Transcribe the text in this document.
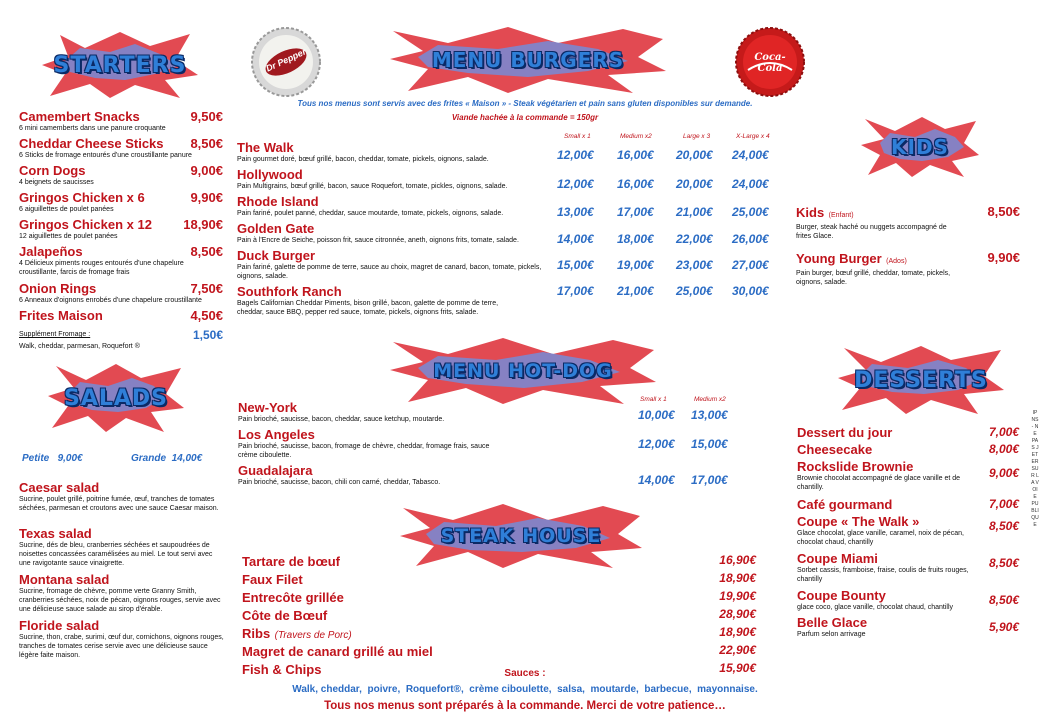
STARTERS	Dr Pepper	MENU BURGERS	Coca-Cola
Tous nos menus sont servis avec des frites « Maison » - Steak végétarien et pain sans gluten disponibles sur demande.
Viande hachée à la commande = 150gr
Camembert Snacks	9,50€
6 mini camemberts dans une panure croquante
Cheddar Cheese Sticks	8,50€
6 Sticks de fromage entourés d'une croustillante panure
Corn Dogs	9,00€
4 beignets de saucisses
Gringos Chicken x 6	9,90€
6 aiguillettes de poulet panées
Gringos Chicken x 12	18,90€
12 aiguillettes de poulet panées
Jalapeños	8,50€
4 Délicieux piments rouges entourés d'une chapelure croustillante, farcis de fromage frais
Onion Rings	7,50€
6 Anneaux d'oignons enrobés d'une chapelure croustillante
Frites Maison	4,50€
Supplément Fromage :	1,50€
Walk, cheddar, parmesan, Roquefort ®
Small x 1	Medium x2	Large x 3	X-Large x 4
The Walk
Pain gourmet doré, bœuf grillé, bacon, cheddar, tomate, pickels, oignons, salade.	12,00€ 16,00€ 20,00€ 24,00€
Hollywood
Pain Multigrains, bœuf grillé, bacon, sauce Roquefort, tomate, pickles, oignons, salade.	12,00€ 16,00€ 20,00€ 24,00€
Rhode Island
Pain fariné, poulet panné, cheddar, sauce moutarde, tomate, pickels, oignons, salade.	13,00€ 17,00€ 21,00€ 25,00€
Golden Gate
Pain à l'Encre de Seiche, poisson frit, sauce citronnée, aneth, oignons frits, tomate, salade.	14,00€ 18,00€ 22,00€ 26,00€
Duck Burger
Pain fariné, galette de pomme de terre, sauce au choix, magret de canard, bacon, tomate, pickels, oignons, salade.
15,00€ 19,00€ 23,00€ 27,00€
Southfork Ranch
Bagels Californian Cheddar Piments, bison grillé, bacon, galette de pomme de terre, cheddar, sauce BBQ, pepper red sauce, tomate, pickels, oignons frits, salade.
17,00€ 21,00€ 25,00€ 30,00€
KIDS
Kids (Enfant)	8,50€
Burger, steak haché ou nuggets accompagné de frites Glace.
Young Burger (Ados)	9,90€
Pain burger, bœuf grillé, cheddar, tomate, pickels, oignons, salade.
SALADS
MENU HOT-DOG	DESSERTS
Petite   9,00€	Grande  14,00€
Caesar salad
Sucrine, poulet grillé, poitrine fumée, œuf, tranches de tomates séchées, parmesan et croutons avec une sauce Caesar maison.
Texas salad
Sucrine, dés de bleu, cranberries séchées et saupoudrées de noisettes concassées caramélisées au miel. Le tout servi avec une ravigotante sauce vinaigrette.
Montana salad
Sucrine, fromage de chèvre, pomme verte Granny Smith, cranberries séchées, noix de pécan, oignons rouges, servie avec une délicieuse sauce salade au sirop d'érable.
Floride salad
Sucrine, thon, crabe, surimi, œuf dur, cornichons, oignons rouges, tranches de tomates cerise servie avec une délicieuse sauce légère faite maison.
Small x 1	Medium x2
New-York
Pain brioché, saucisse, bacon, cheddar, sauce ketchup, moutarde.	10,00€ 13,00€
Los Angeles
Pain brioché, saucisse, bacon, fromage de chèvre, cheddar, fromage frais, sauce crème ciboulette.
12,00€ 15,00€
Guadalajara
Pain brioché, saucisse, bacon, chili con carné, cheddar, Tabasco.	14,00€ 17,00€
Dessert du jour	7,00€
Cheesecake	8,00€
Rockslide Brownie	9,00€
Brownie chocolat accompagné de glace vanille et de chantilly.
Café gourmand	7,00€
Coupe « The Walk »	8,50€
Glace chocolat, glace vanille, caramel, noix de pécan, chocolat chaud, chantilly
Coupe Miami	8,50€
Sorbet cassis, framboise, fraise, coulis de fruits rouges, chantilly
Coupe Bounty	8,50€
glace coco, glace vanille, chocolat chaud, chantilly
Belle Glace	5,90€
Parfum selon arrivage
STEAK HOUSE
Tartare de bœuf	16,90€
Faux Filet	18,90€
Entrecôte grillée	19,90€
Côte de Bœuf	28,90€
Ribs (Travers de Porc)	18,90€
Magret de canard grillé au miel	22,90€
Fish & Chips	15,90€
Sauces :
Walk, cheddar,  poivre,  Roquefort®,  crème ciboulette,  salsa,  moutarde,  barbecue,  mayonnaise.
Tous nos menus sont préparés à la commande. Merci de votre patience…
IPNS - NE PAS JETER SUR LA VOIE PUBLIQUE
